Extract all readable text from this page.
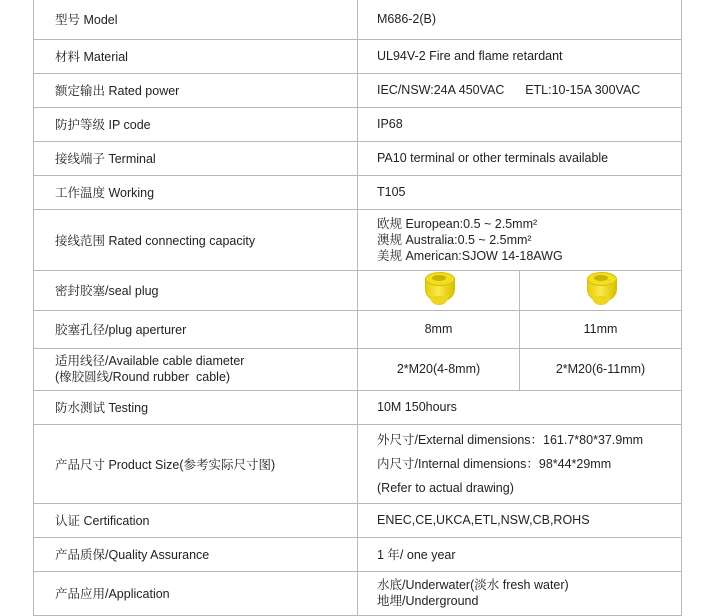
型号 Model	M686-2(B)	
材料 Material	UL94V-2 Fire and flame retardant	
额定输出 Rated power	IEC/NSW:24A 450VAC      ETL:10-15A 300VAC	
防护等级 IP code	IP68	
接线端子 Terminal	PA10 terminal or other terminals available	
工作温度 Working	T105	
接线范围 Rated connecting capacity	欧规 European:0.5 ~ 2.5mm²
澳规 Australia:0.5 ~ 2.5mm²
美规 American:SJOW 14-18AWG	

密封胶塞/seal plug	

胶塞孔径/plug aperturer	8mm	11mm

适用线径/Available cable diameter
(橡胶圆线/Round rubber  cable)	2*M20(4-8mm)	2*M20(6-11mm)
防水测试 Testing	10M 150hours	
产品尺寸 Product Size(参考实际尺寸图)	外尺寸/External dimensions：161.7*80*37.9mm
内尺寸/Internal dimensions：98*44*29mm
(Refer to actual drawing)	

认证 Certification	ENEC,CE,UKCA,ETL,NSW,CB,ROHS	
产品质保/Quality Assurance	1 年/ one year	
产品应用/Application	水底/Underwater(淡水 fresh water)
地埋/Underground	
